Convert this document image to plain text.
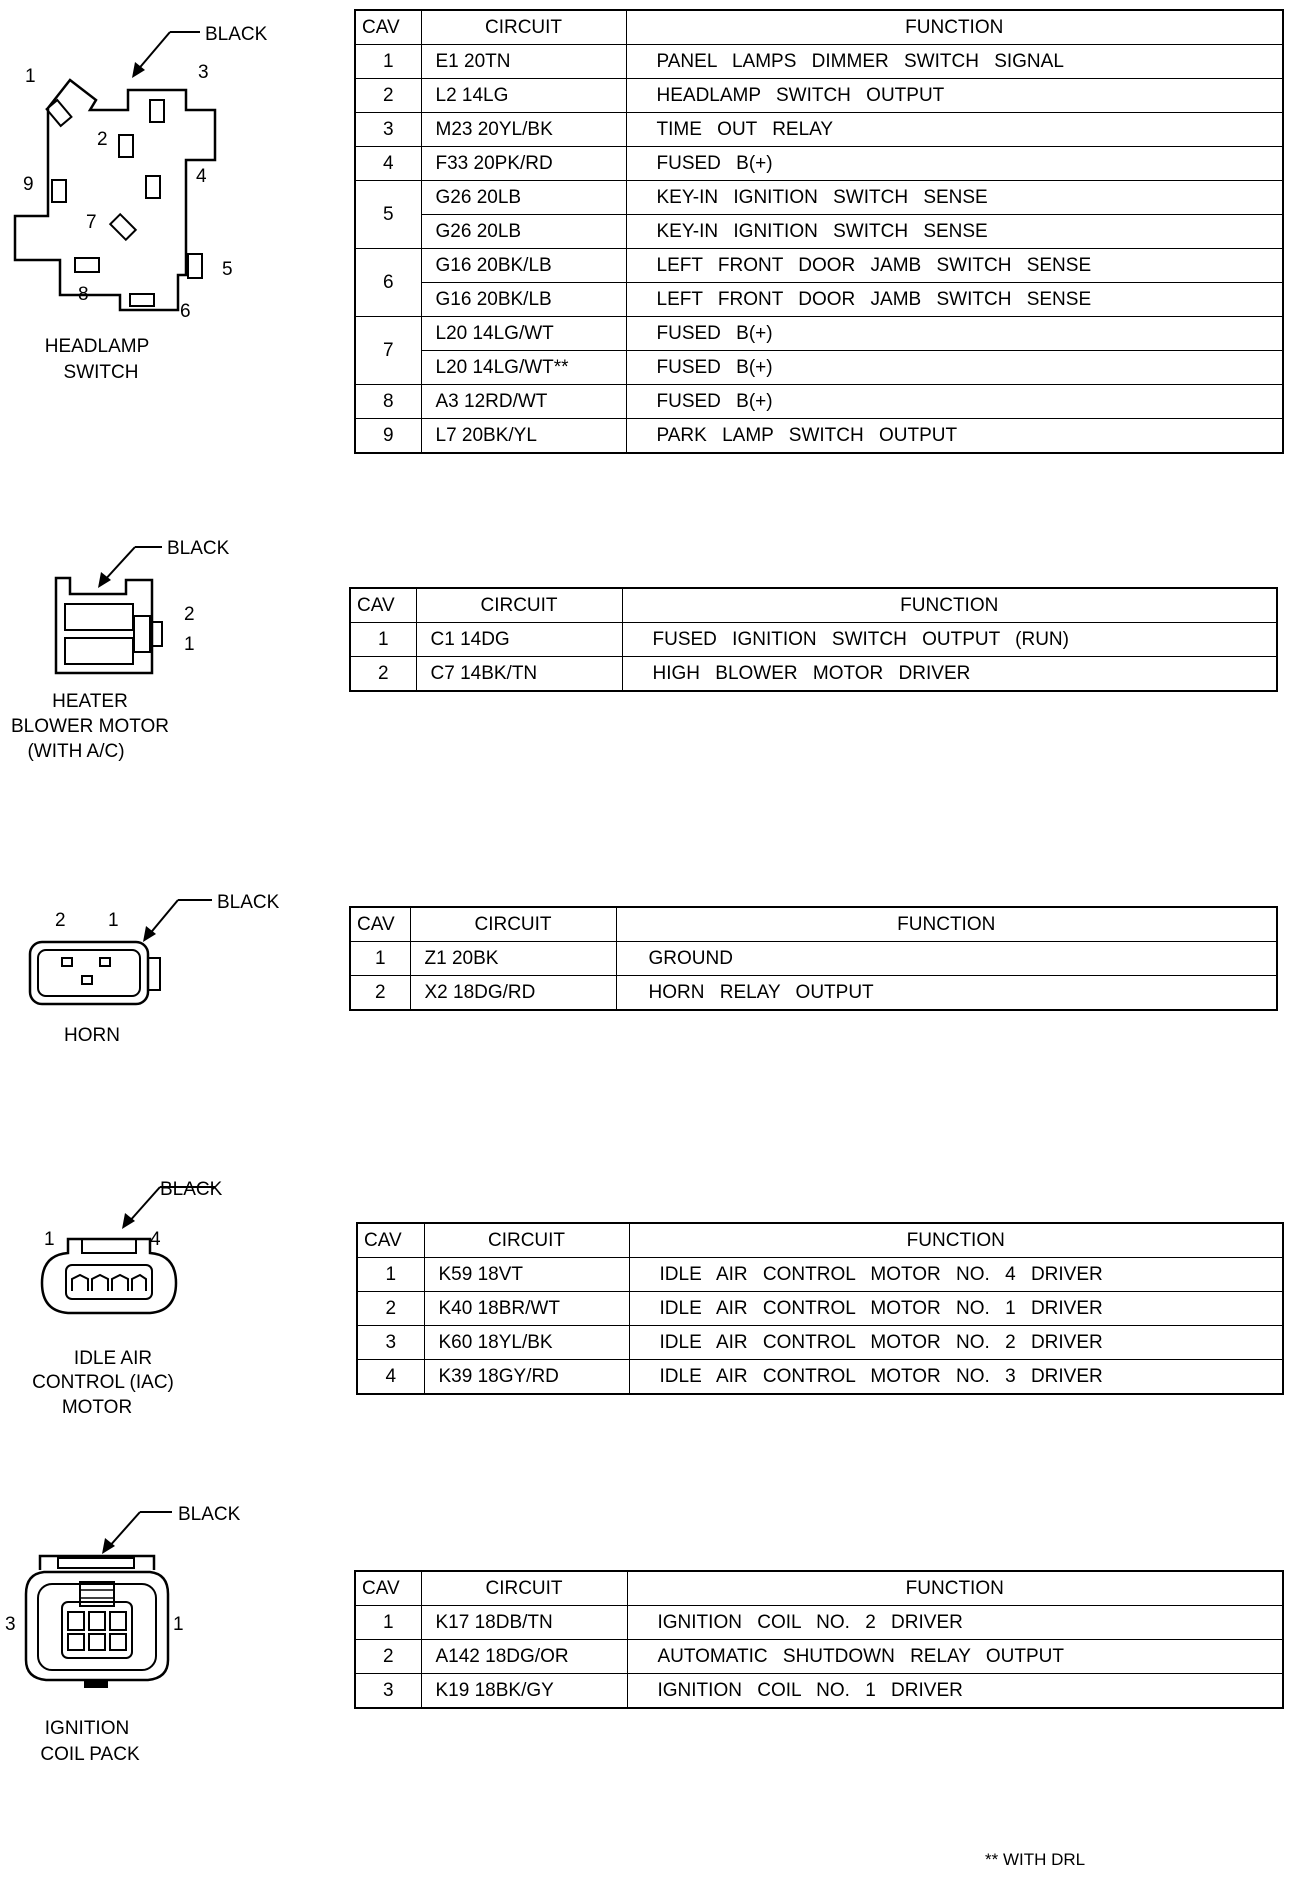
BLACK
1
2
3
4
5
6
7
8
9
HEADLAMP
SWITCH
CAV	CIRCUIT	FUNCTION
1	E1 20TN	PANEL LAMPS DIMMER SWITCH SIGNAL
2	L2 14LG	HEADLAMP SWITCH OUTPUT
3	M23 20YL/BK	TIME OUT RELAY
4	F33 20PK/RD	FUSED B(+)
5	G26 20LB	KEY-IN IGNITION SWITCH SENSE
	G26 20LB	KEY-IN IGNITION SWITCH SENSE
6	G16 20BK/LB	LEFT FRONT DOOR JAMB SWITCH SENSE
	G16 20BK/LB	LEFT FRONT DOOR JAMB SWITCH SENSE
7	L20 14LG/WT	FUSED B(+)
	L20 14LG/WT**	FUSED B(+)
8	A3 12RD/WT	FUSED B(+)
9	L7 20BK/YL	PARK LAMP SWITCH OUTPUT
BLACK
2
1
HEATER
BLOWER MOTOR
(WITH A/C)
CAV	CIRCUIT	FUNCTION
1	C1 14DG	FUSED IGNITION SWITCH OUTPUT (RUN)
2	C7 14BK/TN	HIGH BLOWER MOTOR DRIVER
BLACK
2 1
HORN
CAV	CIRCUIT	FUNCTION
1	Z1 20BK	GROUND
2	X2 18DG/RD	HORN RELAY OUTPUT
BLACK
1	4
IDLE AIR
CONTROL (IAC)
MOTOR
CAV	CIRCUIT	FUNCTION
1	K59 18VT	IDLE AIR CONTROL MOTOR NO. 4 DRIVER
2	K40 18BR/WT	IDLE AIR CONTROL MOTOR NO. 1 DRIVER
3	K60 18YL/BK	IDLE AIR CONTROL MOTOR NO. 2 DRIVER
4	K39 18GY/RD	IDLE AIR CONTROL MOTOR NO. 3 DRIVER
BLACK
3	1
IGNITION
COIL PACK
CAV	CIRCUIT	FUNCTION
1	K17 18DB/TN	IGNITION COIL NO. 2 DRIVER
2	A142 18DG/OR	AUTOMATIC SHUTDOWN RELAY OUTPUT
3	K19 18BK/GY	IGNITION COIL NO. 1 DRIVER
** WITH DRL
